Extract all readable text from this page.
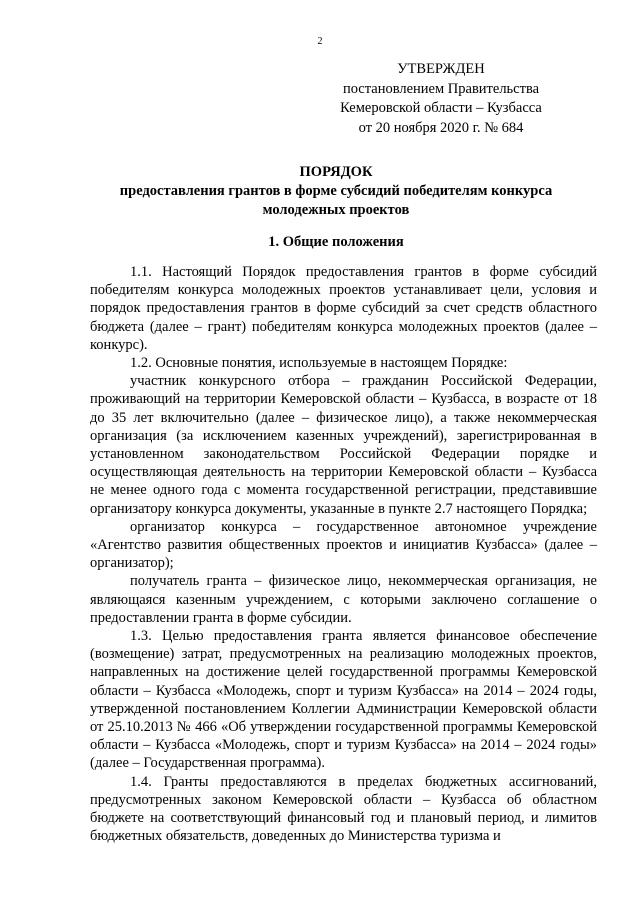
2
УТВЕРЖДЕН
постановлением Правительства
Кемеровской области – Кузбасса
от 20 ноября 2020 г. № 684
ПОРЯДОК
предоставления грантов в форме субсидий победителям конкурса
молодежных проектов
1. Общие положения

1.1. Настоящий Порядок предоставления грантов в форме субсидий победителям конкурса молодежных проектов устанавливает цели, условия и порядок предоставления грантов в форме субсидий за счет средств областного бюджета (далее – грант) победителям конкурса молодежных проектов (далее – конкурс).

1.2. Основные понятия, используемые в настоящем Порядке:

участник конкурсного отбора – гражданин Российской Федерации, проживающий на территории Кемеровской области – Кузбасса, в возрасте от 18 до 35 лет включительно (далее – физическое лицо), а также некоммерческая организация (за исключением казенных учреждений), зарегистрированная в установленном законодательством Российской Федерации порядке и осуществляющая деятельность на территории Кемеровской области – Кузбасса не менее одного года с момента государственной регистрации, представившие организатору конкурса документы, указанные в пункте 2.7 настоящего Порядка;

организатор конкурса – государственное автономное учреждение «Агентство развития общественных проектов и инициатив Кузбасса» (далее – организатор);

получатель гранта – физическое лицо, некоммерческая организация, не являющаяся казенным учреждением, с которыми заключено соглашение о предоставлении гранта в форме субсидии.

1.3. Целью предоставления гранта является финансовое обеспечение (возмещение) затрат, предусмотренных на реализацию молодежных проектов, направленных на достижение целей государственной программы Кемеровской области – Кузбасса «Молодежь, спорт и туризм Кузбасса» на 2014 – 2024 годы, утвержденной постановлением Коллегии Администрации Кемеровской области от 25.10.2013 № 466 «Об утверждении государственной программы Кемеровской области – Кузбасса «Молодежь, спорт и туризм Кузбасса» на 2014 – 2024 годы» (далее – Государственная программа).

1.4. Гранты предоставляются в пределах бюджетных ассигнований, предусмотренных законом Кемеровской области – Кузбасса об областном бюджете на соответствующий финансовый год и плановый период, и лимитов бюджетных обязательств, доведенных до Министерства туризма и
